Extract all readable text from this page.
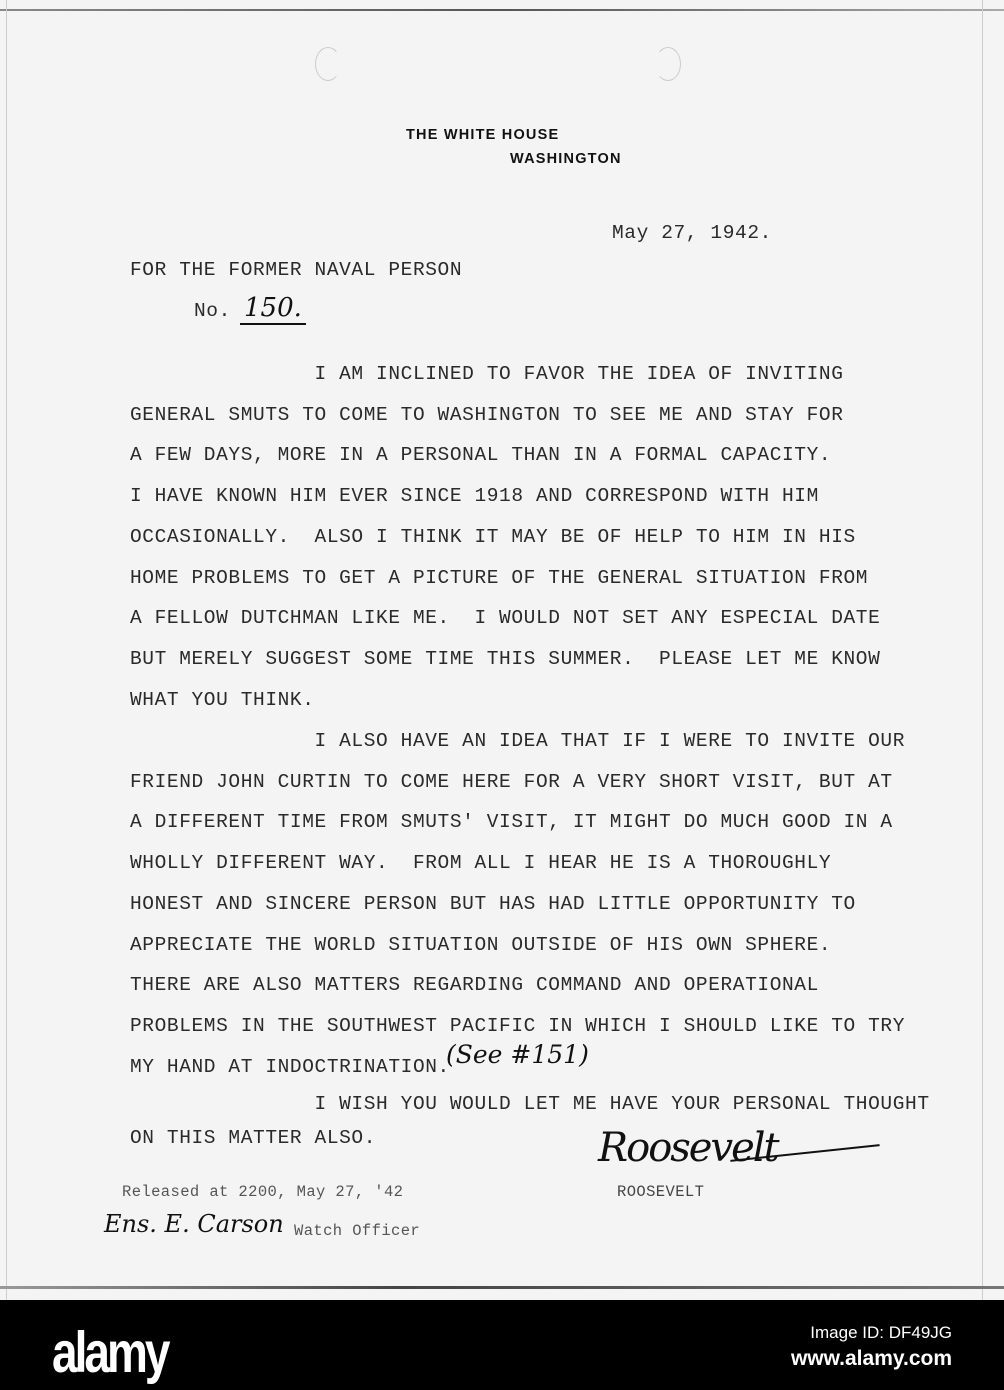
THE WHITE HOUSE
WASHINGTON
May 27, 1942.
FOR THE FORMER NAVAL PERSON
No. 150.
I AM INCLINED TO FAVOR THE IDEA OF INVITING
GENERAL SMUTS TO COME TO WASHINGTON TO SEE ME AND STAY FOR
A FEW DAYS, MORE IN A PERSONAL THAN IN A FORMAL CAPACITY.
I HAVE KNOWN HIM EVER SINCE 1918 AND CORRESPOND WITH HIM
OCCASIONALLY.  ALSO I THINK IT MAY BE OF HELP TO HIM IN HIS
HOME PROBLEMS TO GET A PICTURE OF THE GENERAL SITUATION FROM
A FELLOW DUTCHMAN LIKE ME.  I WOULD NOT SET ANY ESPECIAL DATE
BUT MERELY SUGGEST SOME TIME THIS SUMMER.  PLEASE LET ME KNOW
WHAT YOU THINK.
I ALSO HAVE AN IDEA THAT IF I WERE TO INVITE OUR
FRIEND JOHN CURTIN TO COME HERE FOR A VERY SHORT VISIT, BUT AT
A DIFFERENT TIME FROM SMUTS' VISIT, IT MIGHT DO MUCH GOOD IN A
WHOLLY DIFFERENT WAY.  FROM ALL I HEAR HE IS A THOROUGHLY
HONEST AND SINCERE PERSON BUT HAS HAD LITTLE OPPORTUNITY TO
APPRECIATE THE WORLD SITUATION OUTSIDE OF HIS OWN SPHERE.
THERE ARE ALSO MATTERS REGARDING COMMAND AND OPERATIONAL
PROBLEMS IN THE SOUTHWEST PACIFIC IN WHICH I SHOULD LIKE TO TRY
MY HAND AT INDOCTRINATION.
(See #151)
I WISH YOU WOULD LET ME HAVE YOUR PERSONAL THOUGHT
ON THIS MATTER ALSO.	Roosevelt
ROOSEVELT
Released at 2200, May 27, '42
Ens. E. Carson Watch Officer
alamy	Image ID: DF49JG
www.alamy.com
